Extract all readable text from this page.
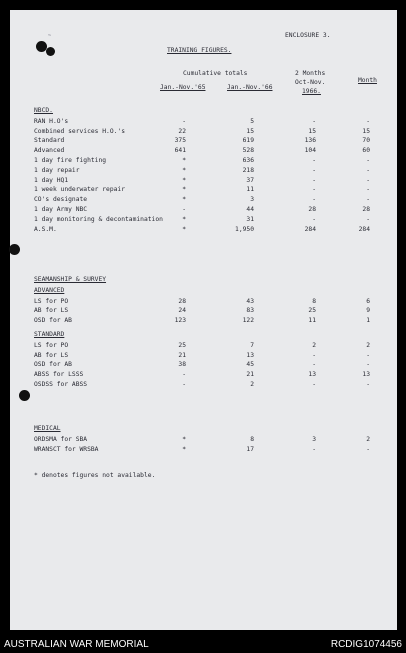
~	ENCLOSURE 3.
TRAINING FIGURES.
Cumulative totals	2 Months
Jan.-Nov.'65	Jan.-Nov.'66
Oct-Nov.	Month
1966.
NBCD.
RAN H.O's	-	5	-	-
Combined services H.O.'s	22	15	15	15
Standard	375	619	136	70
Advanced	641	528	104	60
1 day fire fighting	*	636	-	-
1 day repair	*	218	-	-
1 day HQ1	*	37	-	-
1 week underwater repair	*	11	-	-
CO's designate	*	3	-	-
1 day Army NBC	-	44	28	28
1 day monitoring & decontamination	*	31	-	-
A.S.M.	*	1,950	284	284
SEAMANSHIP & SURVEY
ADVANCED
LS for PO	28	43	8	6
AB for LS	24	83	25	9
OSD for AB	123	122	11	1
STANDARD
LS for PO	25	7	2	2
AB for LS	21	13	-	-
OSD for AB	38	45	-	-
ABSS for LSSS	-	21	13	13
OSDSS for ABSS	-	2	-	-
MEDICAL
ORDSMA for SBA	*	8	3	2
WRANSCT for WRSBA	*	17	-	-
* denotes figures not available.
AUSTRALIAN WAR MEMORIAL	RCDIG1074456
